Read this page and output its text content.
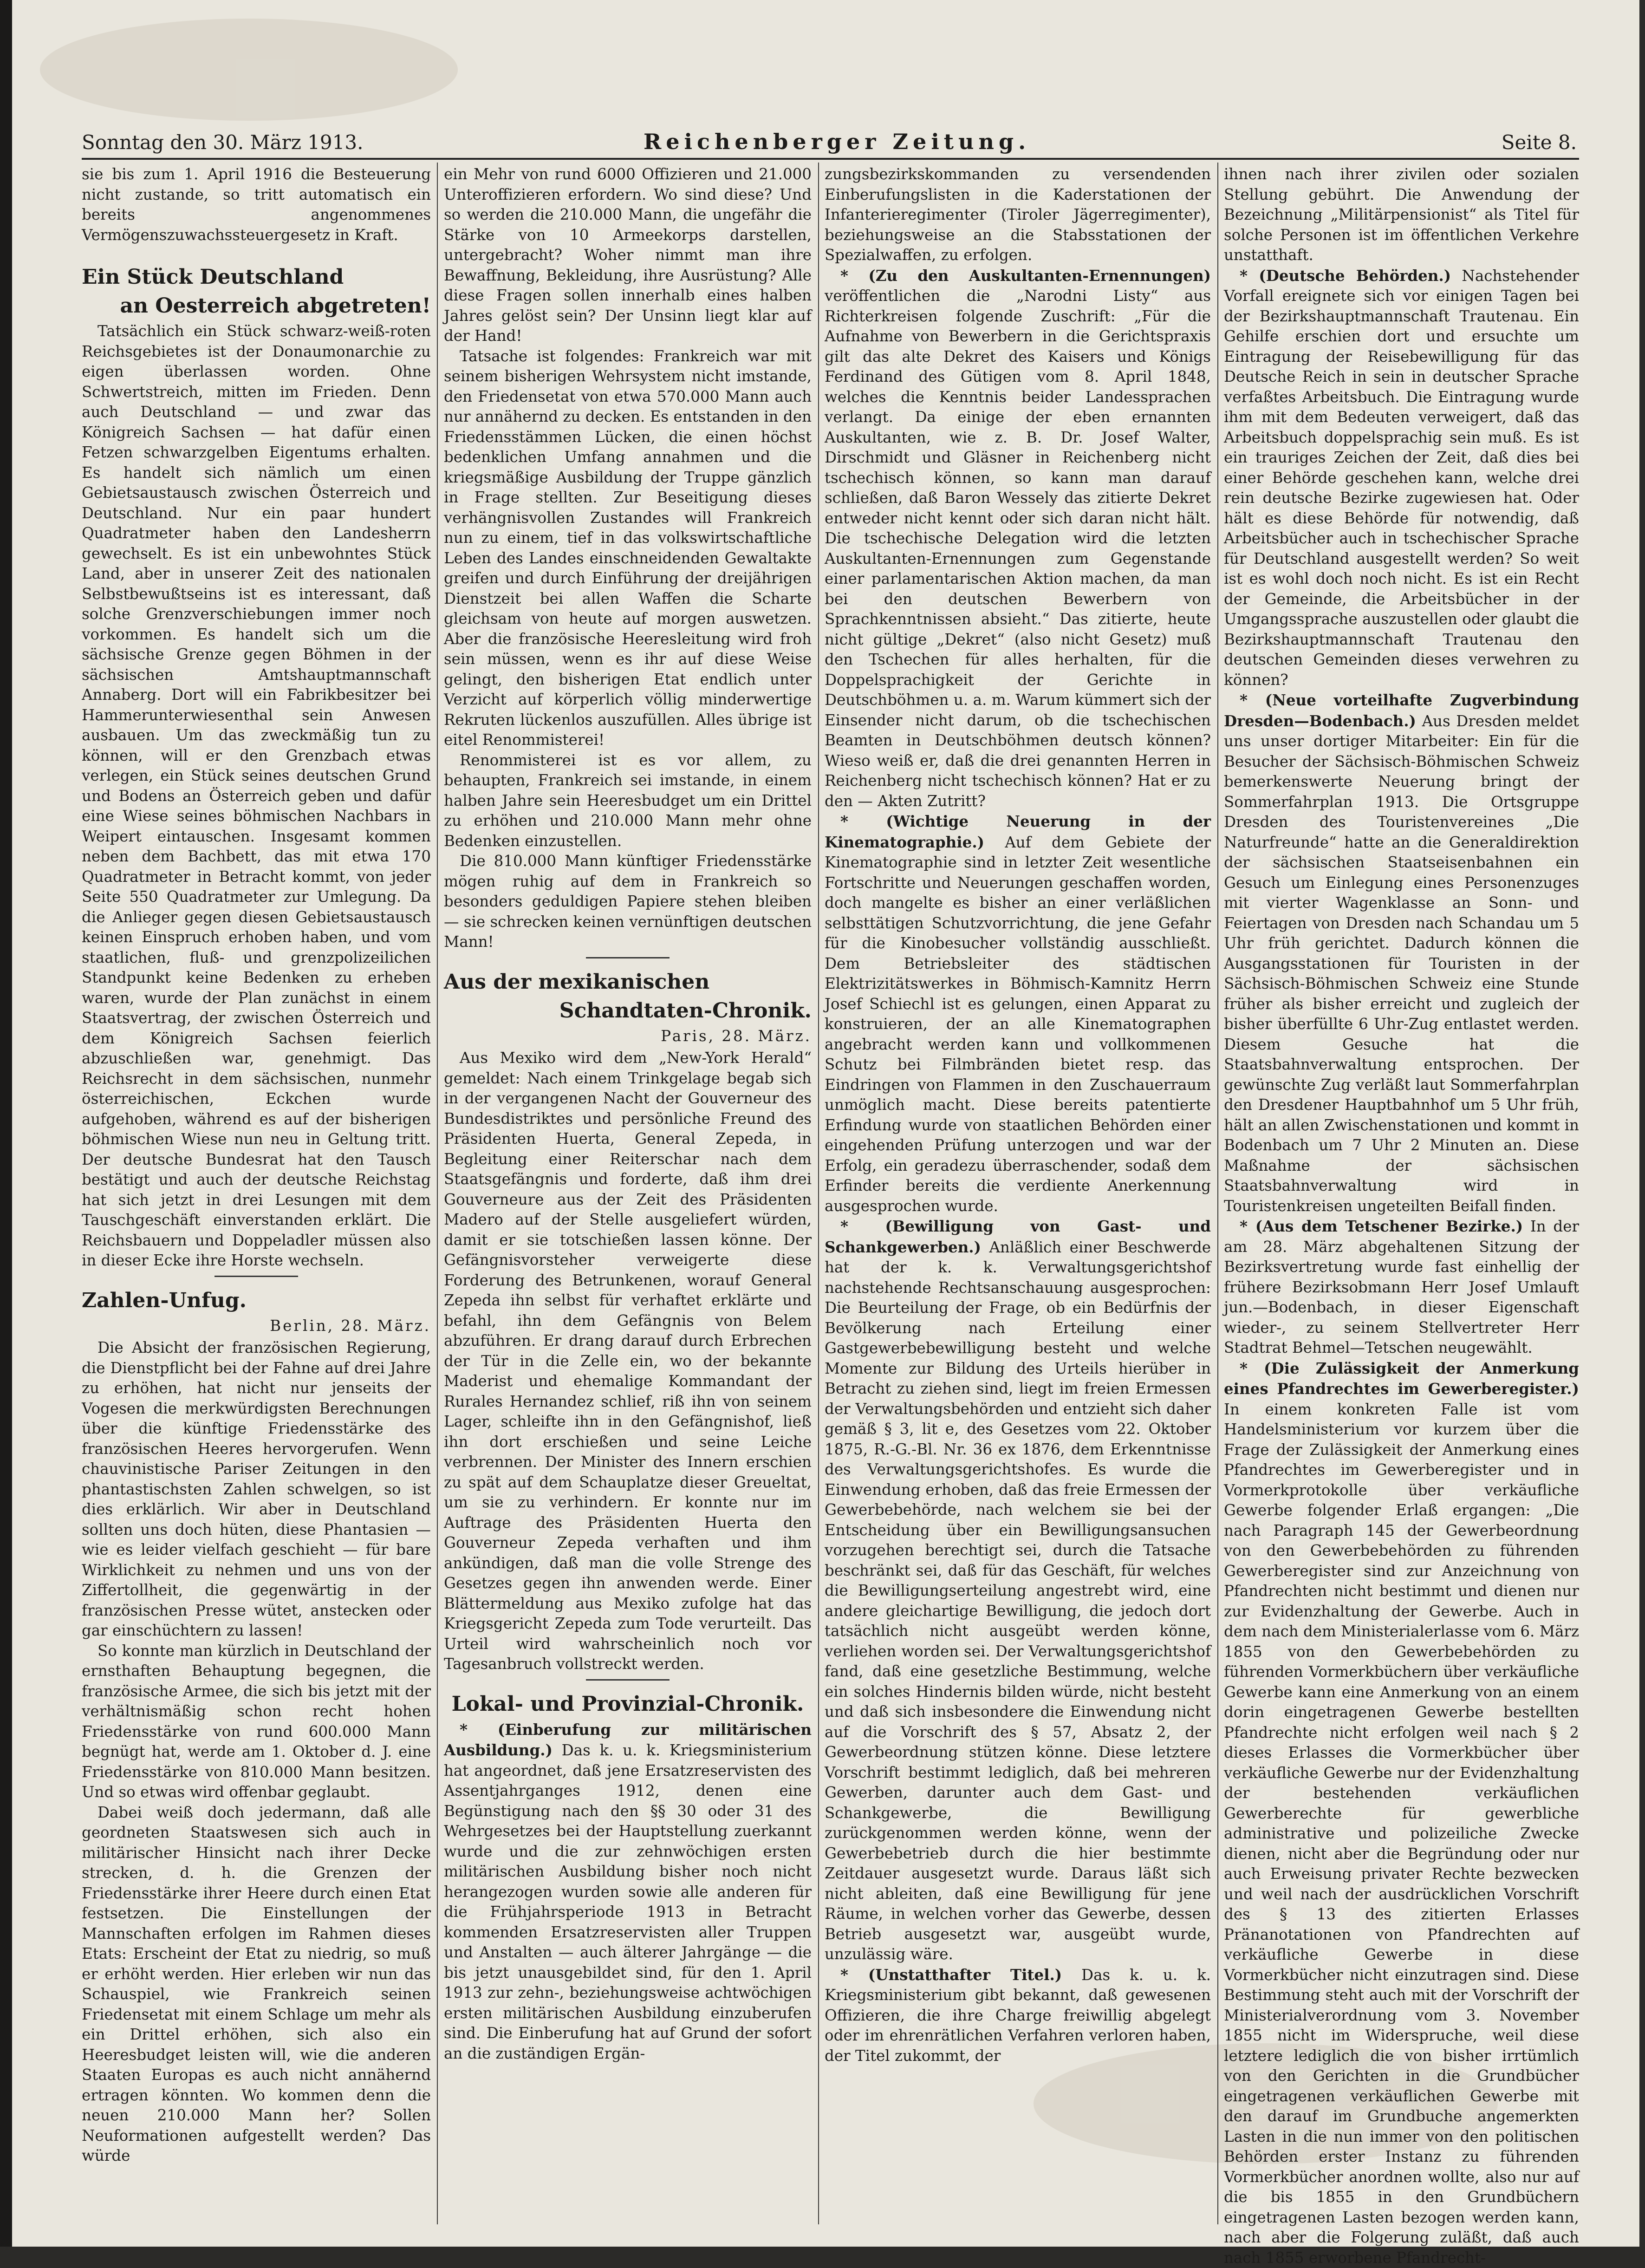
Sonntag den 30. März 1913.	Reichenberger Zeitung.	Seite 8.

sie bis zum 1. April 1916 die Besteuerung nicht zustande, so tritt automatisch ein bereits angenommenes Vermögenszuwachssteuergesetz in Kraft.

Ein Stück Deutschland
an Oesterreich abgetreten!

Tatsächlich ein Stück schwarz-weiß-roten Reichsgebietes ist der Donaumonarchie zu eigen überlassen worden. Ohne Schwertstreich, mitten im Frieden. Denn auch Deutschland — und zwar das Königreich Sachsen — hat dafür einen Fetzen schwarzgelben Eigentums erhalten. Es handelt sich nämlich um einen Gebietsaustausch zwischen Österreich und Deutschland. Nur ein paar hundert Quadratmeter haben den Landesherrn gewechselt. Es ist ein unbewohntes Stück Land, aber in unserer Zeit des nationalen Selbstbewußtseins ist es interessant, daß solche Grenzverschiebungen immer noch vorkommen. Es handelt sich um die sächsische Grenze gegen Böhmen in der sächsischen Amtshauptmannschaft Annaberg. Dort will ein Fabrikbesitzer bei Hammerunterwiesenthal sein Anwesen ausbauen. Um das zweckmäßig tun zu können, will er den Grenzbach etwas verlegen, ein Stück seines deutschen Grund und Bodens an Österreich geben und dafür eine Wiese seines böhmischen Nachbars in Weipert eintauschen. Insgesamt kommen neben dem Bachbett, das mit etwa 170 Quadratmeter in Betracht kommt, von jeder Seite 550 Quadratmeter zur Umlegung. Da die Anlieger gegen diesen Gebietsaustausch keinen Einspruch erhoben haben, und vom staatlichen, fluß- und grenzpolizeilichen Standpunkt keine Bedenken zu erheben waren, wurde der Plan zunächst in einem Staatsvertrag, der zwischen Österreich und dem Königreich Sachsen feierlich abzuschließen war, genehmigt. Das Reichsrecht in dem sächsischen, nunmehr österreichischen, Eckchen wurde aufgehoben, während es auf der bisherigen böhmischen Wiese nun neu in Geltung tritt. Der deutsche Bundesrat hat den Tausch bestätigt und auch der deutsche Reichstag hat sich jetzt in drei Lesungen mit dem Tauschgeschäft einverstanden erklärt. Die Reichsbauern und Doppeladler müssen also in dieser Ecke ihre Horste wechseln.

Zahlen-Unfug.
Berlin, 28. März.

Die Absicht der französischen Regierung, die Dienstpflicht bei der Fahne auf drei Jahre zu erhöhen, hat nicht nur jenseits der Vogesen die merkwürdigsten Berechnungen über die künftige Friedensstärke des französischen Heeres hervorgerufen. Wenn chauvinistische Pariser Zeitungen in den phantastischsten Zahlen schwelgen, so ist dies erklärlich. Wir aber in Deutschland sollten uns doch hüten, diese Phantasien — wie es leider vielfach geschieht — für bare Wirklichkeit zu nehmen und uns von der Ziffertollheit, die gegenwärtig in der französischen Presse wütet, anstecken oder gar einschüchtern zu lassen!

So konnte man kürzlich in Deutschland der ernsthaften Behauptung begegnen, die französische Armee, die sich bis jetzt mit der verhältnismäßig schon recht hohen Friedensstärke von rund 600.000 Mann begnügt hat, werde am 1. Oktober d. J. eine Friedensstärke von 810.000 Mann besitzen. Und so etwas wird offenbar geglaubt.

Dabei weiß doch jedermann, daß alle geordneten Staatswesen sich auch in militärischer Hinsicht nach ihrer Decke strecken, d. h. die Grenzen der Friedensstärke ihrer Heere durch einen Etat festsetzen. Die Einstellungen der Mannschaften erfolgen im Rahmen dieses Etats: Erscheint der Etat zu niedrig, so muß er erhöht werden. Hier erleben wir nun das Schauspiel, wie Frankreich seinen Friedensetat mit einem Schlage um mehr als ein Drittel erhöhen, sich also ein Heeresbudget leisten will, wie die anderen Staaten Europas es auch nicht annähernd ertragen könnten. Wo kommen denn die neuen 210.000 Mann her? Sollen Neuformationen aufgestellt werden? Das würde

ein Mehr von rund 6000 Offizieren und 21.000 Unteroffizieren erfordern. Wo sind diese? Und so werden die 210.000 Mann, die ungefähr die Stärke von 10 Armeekorps darstellen, untergebracht? Woher nimmt man ihre Bewaffnung, Bekleidung, ihre Ausrüstung? Alle diese Fragen sollen innerhalb eines halben Jahres gelöst sein? Der Unsinn liegt klar auf der Hand!

Tatsache ist folgendes: Frankreich war mit seinem bisherigen Wehrsystem nicht imstande, den Friedensetat von etwa 570.000 Mann auch nur annähernd zu decken. Es entstanden in den Friedensstämmen Lücken, die einen höchst bedenklichen Umfang annahmen und die kriegsmäßige Ausbildung der Truppe gänzlich in Frage stellten. Zur Beseitigung dieses verhängnisvollen Zustandes will Frankreich nun zu einem, tief in das volkswirtschaftliche Leben des Landes einschneidenden Gewaltakte greifen und durch Einführung der dreijährigen Dienstzeit bei allen Waffen die Scharte gleichsam von heute auf morgen auswetzen. Aber die französische Heeresleitung wird froh sein müssen, wenn es ihr auf diese Weise gelingt, den bisherigen Etat endlich unter Verzicht auf körperlich völlig minderwertige Rekruten lückenlos auszufüllen. Alles übrige ist eitel Renommisterei!

Renommisterei ist es vor allem, zu behaupten, Frankreich sei imstande, in einem halben Jahre sein Heeresbudget um ein Drittel zu erhöhen und 210.000 Mann mehr ohne Bedenken einzustellen.

Die 810.000 Mann künftiger Friedensstärke mögen ruhig auf dem in Frankreich so besonders geduldigen Papiere stehen bleiben — sie schrecken keinen vernünftigen deutschen Mann!

Aus der mexikanischen
Schandtaten-Chronik.
Paris, 28. März.

Aus Mexiko wird dem „New-York Herald“ gemeldet: Nach einem Trinkgelage begab sich in der vergangenen Nacht der Gouverneur des Bundesdistriktes und persönliche Freund des Präsidenten Huerta, General Zepeda, in Begleitung einer Reiterschar nach dem Staatsgefängnis und forderte, daß ihm drei Gouverneure aus der Zeit des Präsidenten Madero auf der Stelle ausgeliefert würden, damit er sie totschießen lassen könne. Der Gefängnisvorsteher verweigerte diese Forderung des Betrunkenen, worauf General Zepeda ihn selbst für verhaftet erklärte und befahl, ihn dem Gefängnis von Belem abzuführen. Er drang darauf durch Erbrechen der Tür in die Zelle ein, wo der bekannte Maderist und ehemalige Kommandant der Rurales Hernandez schlief, riß ihn von seinem Lager, schleifte ihn in den Gefängnishof, ließ ihn dort erschießen und seine Leiche verbrennen. Der Minister des Innern erschien zu spät auf dem Schauplatze dieser Greueltat, um sie zu verhindern. Er konnte nur im Auftrage des Präsidenten Huerta den Gouverneur Zepeda verhaften und ihm ankündigen, daß man die volle Strenge des Gesetzes gegen ihn anwenden werde. Einer Blättermeldung aus Mexiko zufolge hat das Kriegsgericht Zepeda zum Tode verurteilt. Das Urteil wird wahrscheinlich noch vor Tagesanbruch vollstreckt werden.

Lokal- und Provinzial-Chronik.

* (Einberufung zur militärischen Ausbildung.) Das k. u. k. Kriegsministerium hat angeordnet, daß jene Ersatzreservisten des Assentjahrganges 1912, denen eine Begünstigung nach den §§ 30 oder 31 des Wehrgesetzes bei der Hauptstellung zuerkannt wurde und die zur zehnwöchigen ersten militärischen Ausbildung bisher noch nicht herangezogen wurden sowie alle anderen für die Frühjahrsperiode 1913 in Betracht kommenden Ersatzreservisten aller Truppen und Anstalten — auch älterer Jahrgänge — die bis jetzt unausgebildet sind, für den 1. April 1913 zur zehn-, beziehungsweise achtwöchigen ersten militärischen Ausbildung einzuberufen sind. Die Einberufung hat auf Grund der sofort an die zuständigen Ergän-

zungsbezirkskommanden zu versendenden Einberufungslisten in die Kaderstationen der Infanterieregimenter (Tiroler Jägerregimenter), beziehungsweise an die Stabsstationen der Spezialwaffen, zu erfolgen.

* (Zu den Auskultanten-Ernennungen) veröffentlichen die „Narodni Listy“ aus Richterkreisen folgende Zuschrift: „Für die Aufnahme von Bewerbern in die Gerichtspraxis gilt das alte Dekret des Kaisers und Königs Ferdinand des Gütigen vom 8. April 1848, welches die Kenntnis beider Landessprachen verlangt. Da einige der eben ernannten Auskultanten, wie z. B. Dr. Josef Walter, Dirschmidt und Gläsner in Reichenberg nicht tschechisch können, so kann man darauf schließen, daß Baron Wessely das zitierte Dekret entweder nicht kennt oder sich daran nicht hält. Die tschechische Delegation wird die letzten Auskultanten-Ernennungen zum Gegenstande einer parlamentarischen Aktion machen, da man bei den deutschen Bewerbern von Sprachkenntnissen absieht.“ Das zitierte, heute nicht gültige „Dekret“ (also nicht Gesetz) muß den Tschechen für alles herhalten, für die Doppelsprachigkeit der Gerichte in Deutschböhmen u. a. m. Warum kümmert sich der Einsender nicht darum, ob die tschechischen Beamten in Deutschböhmen deutsch können? Wieso weiß er, daß die drei genannten Herren in Reichenberg nicht tschechisch können? Hat er zu den — Akten Zutritt?

* (Wichtige Neuerung in der Kinematographie.) Auf dem Gebiete der Kinematographie sind in letzter Zeit wesentliche Fortschritte und Neuerungen geschaffen worden, doch mangelte es bisher an einer verläßlichen selbsttätigen Schutzvorrichtung, die jene Gefahr für die Kinobesucher vollständig ausschließt. Dem Betriebsleiter des städtischen Elektrizitätswerkes in Böhmisch-Kamnitz Herrn Josef Schiechl ist es gelungen, einen Apparat zu konstruieren, der an alle Kinematographen angebracht werden kann und vollkommenen Schutz bei Filmbränden bietet resp. das Eindringen von Flammen in den Zuschauerraum unmöglich macht. Diese bereits patentierte Erfindung wurde von staatlichen Behörden einer eingehenden Prüfung unterzogen und war der Erfolg, ein geradezu überraschender, sodaß dem Erfinder bereits die verdiente Anerkennung ausgesprochen wurde.

* (Bewilligung von Gast- und Schankgewerben.) Anläßlich einer Beschwerde hat der k. k. Verwaltungsgerichtshof nachstehende Rechtsanschauung ausgesprochen: Die Beurteilung der Frage, ob ein Bedürfnis der Bevölkerung nach Erteilung einer Gastgewerbebewilligung besteht und welche Momente zur Bildung des Urteils hierüber in Betracht zu ziehen sind, liegt im freien Ermessen der Verwaltungsbehörden und entzieht sich daher gemäß § 3, lit e, des Gesetzes vom 22. Oktober 1875, R.-G.-Bl. Nr. 36 ex 1876, dem Erkenntnisse des Verwaltungsgerichtshofes. Es wurde die Einwendung erhoben, daß das freie Ermessen der Gewerbebehörde, nach welchem sie bei der Entscheidung über ein Bewilligungsansuchen vorzugehen berechtigt sei, durch die Tatsache beschränkt sei, daß für das Geschäft, für welches die Bewilligungserteilung angestrebt wird, eine andere gleichartige Bewilligung, die jedoch dort tatsächlich nicht ausgeübt werden könne, verliehen worden sei. Der Verwaltungsgerichtshof fand, daß eine gesetzliche Bestimmung, welche ein solches Hindernis bilden würde, nicht besteht und daß sich insbesondere die Einwendung nicht auf die Vorschrift des § 57, Absatz 2, der Gewerbeordnung stützen könne. Diese letztere Vorschrift bestimmt lediglich, daß bei mehreren Gewerben, darunter auch dem Gast- und Schankgewerbe, die Bewilligung zurückgenommen werden könne, wenn der Gewerbebetrieb durch die hier bestimmte Zeitdauer ausgesetzt wurde. Daraus läßt sich nicht ableiten, daß eine Bewilligung für jene Räume, in welchen vorher das Gewerbe, dessen Betrieb ausgesetzt war, ausgeübt wurde, unzulässig wäre.

* (Unstatthafter Titel.) Das k. u. k. Kriegsministerium gibt bekannt, daß gewesenen Offizieren, die ihre Charge freiwillig abgelegt oder im ehrenrätlichen Verfahren verloren haben, der Titel zukommt, der

ihnen nach ihrer zivilen oder sozialen Stellung gebührt. Die Anwendung der Bezeichnung „Militärpensionist“ als Titel für solche Personen ist im öffentlichen Verkehre unstatthaft.

* (Deutsche Behörden.) Nachstehender Vorfall ereignete sich vor einigen Tagen bei der Bezirkshauptmannschaft Trautenau. Ein Gehilfe erschien dort und ersuchte um Eintragung der Reisebewilligung für das Deutsche Reich in sein in deutscher Sprache verfaßtes Arbeitsbuch. Die Eintragung wurde ihm mit dem Bedeuten verweigert, daß das Arbeitsbuch doppelsprachig sein muß. Es ist ein trauriges Zeichen der Zeit, daß dies bei einer Behörde geschehen kann, welche drei rein deutsche Bezirke zugewiesen hat. Oder hält es diese Behörde für notwendig, daß Arbeitsbücher auch in tschechischer Sprache für Deutschland ausgestellt werden? So weit ist es wohl doch noch nicht. Es ist ein Recht der Gemeinde, die Arbeitsbücher in der Umgangssprache auszustellen oder glaubt die Bezirkshauptmannschaft Trautenau den deutschen Gemeinden dieses verwehren zu können?

* (Neue vorteilhafte Zugverbindung Dresden—Bodenbach.) Aus Dresden meldet uns unser dortiger Mitarbeiter: Ein für die Besucher der Sächsisch-Böhmischen Schweiz bemerkenswerte Neuerung bringt der Sommerfahrplan 1913. Die Ortsgruppe Dresden des Touristenvereines „Die Naturfreunde“ hatte an die Generaldirektion der sächsischen Staatseisenbahnen ein Gesuch um Einlegung eines Personenzuges mit vierter Wagenklasse an Sonn- und Feiertagen von Dresden nach Schandau um 5 Uhr früh gerichtet. Dadurch können die Ausgangsstationen für Touristen in der Sächsisch-Böhmischen Schweiz eine Stunde früher als bisher erreicht und zugleich der bisher überfüllte 6 Uhr-Zug entlastet werden. Diesem Gesuche hat die Staatsbahnverwaltung entsprochen. Der gewünschte Zug verläßt laut Sommerfahrplan den Dresdener Hauptbahnhof um 5 Uhr früh, hält an allen Zwischenstationen und kommt in Bodenbach um 7 Uhr 2 Minuten an. Diese Maßnahme der sächsischen Staatsbahnverwaltung wird in Touristenkreisen ungeteilten Beifall finden.

* (Aus dem Tetschener Bezirke.) In der am 28. März abgehaltenen Sitzung der Bezirksvertretung wurde fast einhellig der frühere Bezirksobmann Herr Josef Umlauft jun.—Bodenbach, in dieser Eigenschaft wieder-, zu seinem Stellvertreter Herr Stadtrat Behmel—Tetschen neugewählt.

* (Die Zulässigkeit der Anmerkung eines Pfandrechtes im Gewerberegister.) In einem konkreten Falle ist vom Handelsministerium vor kurzem über die Frage der Zulässigkeit der Anmerkung eines Pfandrechtes im Gewerberegister und in Vormerkprotokolle über verkäufliche Gewerbe folgender Erlaß ergangen: „Die nach Paragraph 145 der Gewerbeordnung von den Gewerbebehörden zu führenden Gewerberegister sind zur Anzeichnung von Pfandrechten nicht bestimmt und dienen nur zur Evidenzhaltung der Gewerbe. Auch in dem nach dem Ministerialerlasse vom 6. März 1855 von den Gewerbebehörden zu führenden Vormerkbüchern über verkäufliche Gewerbe kann eine Anmerkung von an einem dorin eingetragenen Gewerbe bestellten Pfandrechte nicht erfolgen weil nach § 2 dieses Erlasses die Vormerkbücher über verkäufliche Gewerbe nur der Evidenzhaltung der bestehenden verkäuflichen Gewerberechte für gewerbliche administrative und polizeiliche Zwecke dienen, nicht aber die Begründung oder nur auch Erweisung privater Rechte bezwecken und weil nach der ausdrücklichen Vorschrift des § 13 des zitierten Erlasses Pränanotationen von Pfandrechten auf verkäufliche Gewerbe in diese Vormerkbücher nicht einzutragen sind. Diese Bestimmung steht auch mit der Vorschrift der Ministerialverordnung vom 3. November 1855 nicht im Widerspruche, weil diese letztere lediglich die von bisher irrtümlich von den Gerichten in die Grundbücher eingetragenen verkäuflichen Gewerbe mit den darauf im Grundbuche angemerkten Lasten in die nun immer von den politischen Behörden erster Instanz zu führenden Vormerkbücher anordnen wollte, also nur auf die bis 1855 in den Grundbüchern eingetragenen Lasten bezogen werden kann, nach aber die Folgerung zuläßt, daß auch nach 1855 erworbene Pfandrecht-
